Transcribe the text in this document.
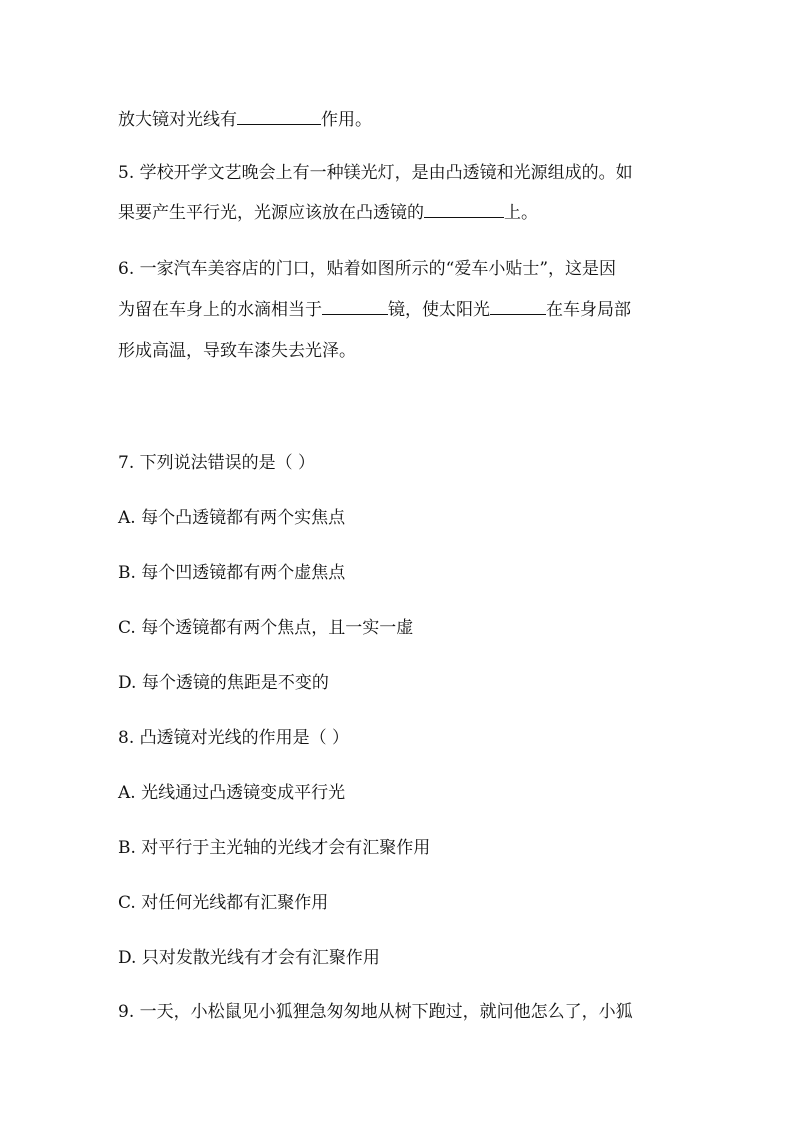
放大镜对光线有	作用。
5. 学校开学文艺晚会上有一种镁光灯，是由凸透镜和光源组成的。如
果要产生平行光，光源应该放在凸透镜的	上。
6. 一家汽车美容店的门口，贴着如图所示的“爱车小贴士”，这是因
为留在车身上的水滴相当于	镜，使太阳光	在车身局部
形成高温，导致车漆失去光泽。
7. 下列说法错误的是（ ）
A. 每个凸透镜都有两个实焦点
B. 每个凹透镜都有两个虚焦点
C. 每个透镜都有两个焦点，且一实一虚
D. 每个透镜的焦距是不变的
8. 凸透镜对光线的作用是（ ）
A. 光线通过凸透镜变成平行光
B. 对平行于主光轴的光线才会有汇聚作用
C. 对任何光线都有汇聚作用
D. 只对发散光线有才会有汇聚作用
9. 一天，小松鼠见小狐狸急匆匆地从树下跑过，就问他怎么了，小狐
